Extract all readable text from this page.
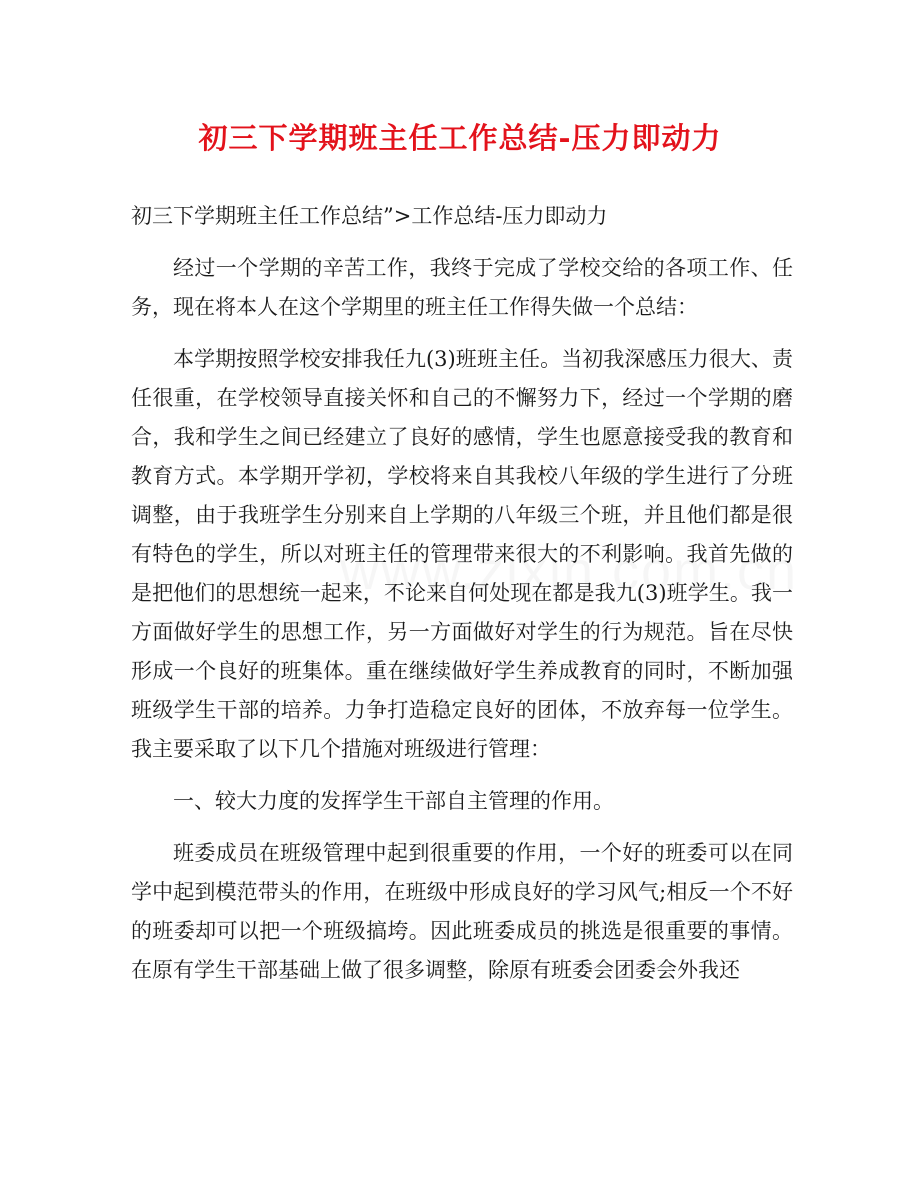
初三下学期班主任工作总结-压力即动力

初三下学期班主任工作总结”>工作总结-压力即动力

经过一个学期的辛苦工作，我终于完成了学校交给的各项工作、任务，现在将本人在这个学期里的班主任工作得失做一个总结：

本学期按照学校安排我任九(3)班班主任。当初我深感压力很大、责任很重，在学校领导直接关怀和自己的不懈努力下，经过一个学期的磨合，我和学生之间已经建立了良好的感情，学生也愿意接受我的教育和教育方式。本学期开学初，学校将来自其我校八年级的学生进行了分班调整，由于我班学生分别来自上学期的八年级三个班，并且他们都是很有特色的学生，所以对班主任的管理带来很大的不利影响。我首先做的是把他们的思想统一起来，不论来自何处现在都是我九(3)班学生。我一方面做好学生的思想工作，另一方面做好对学生的行为规范。旨在尽快形成一个良好的班集体。重在继续做好学生养成教育的同时，不断加强班级学生干部的培养。力争打造稳定良好的团体，不放弃每一位学生。我主要采取了以下几个措施对班级进行管理：

一、较大力度的发挥学生干部自主管理的作用。

班委成员在班级管理中起到很重要的作用，一个好的班委可以在同学中起到模范带头的作用，在班级中形成良好的学习风气;相反一个不好的班委却可以把一个班级搞垮。因此班委成员的挑选是很重要的事情。在原有学生干部基础上做了很多调整，除原有班委会团委会外我还
